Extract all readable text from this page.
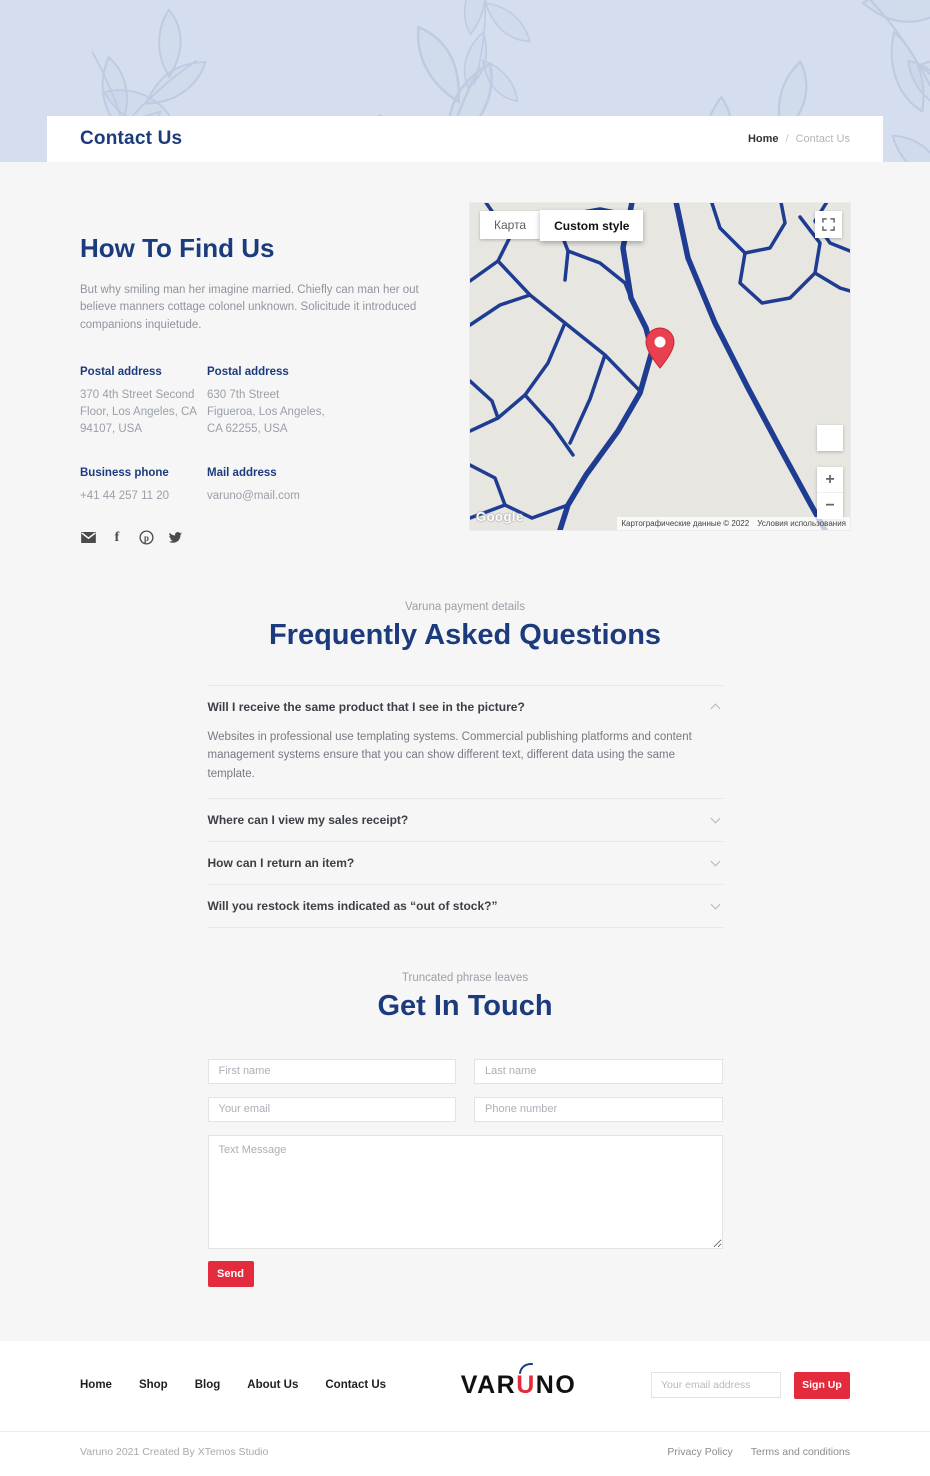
Contact Us	Home / Contact Us
How To Find Us

But why smiling man her imagine married. Chiefly can man her out believe manners cottage colonel unknown. Solicitude it introduced companions inquietude.

Postal address

370 4th Street Second Floor, Los Angeles, CA 94107, USA

Postal address

630 7th Street Figueroa, Los Angeles, CA 62255, USA

Business phone

+41 44 257 11 20

Mail address

varuno@mail.com

f	p
Карта	Custom style
+
−
Google	Картографические данные © 2022	Условия использования
Varuna payment details
Frequently Asked Questions
Will I receive the same product that I see in the picture?
Websites in professional use templating systems. Commercial publishing platforms and content management systems ensure that you can show different text, different data using the same template.
Where can I view my sales receipt?
How can I return an item?
Will you restock items indicated as “out of stock?”
Truncated phrase leaves
Get In Touch
First name
Last name
Your email
Phone number
Text Message
Send
Home Shop Blog About Us Contact Us	VAR
UNO
Your email address	Sign Up
Varuno 2021 Created By XTemos Studio	Privacy Policy Terms and conditions
